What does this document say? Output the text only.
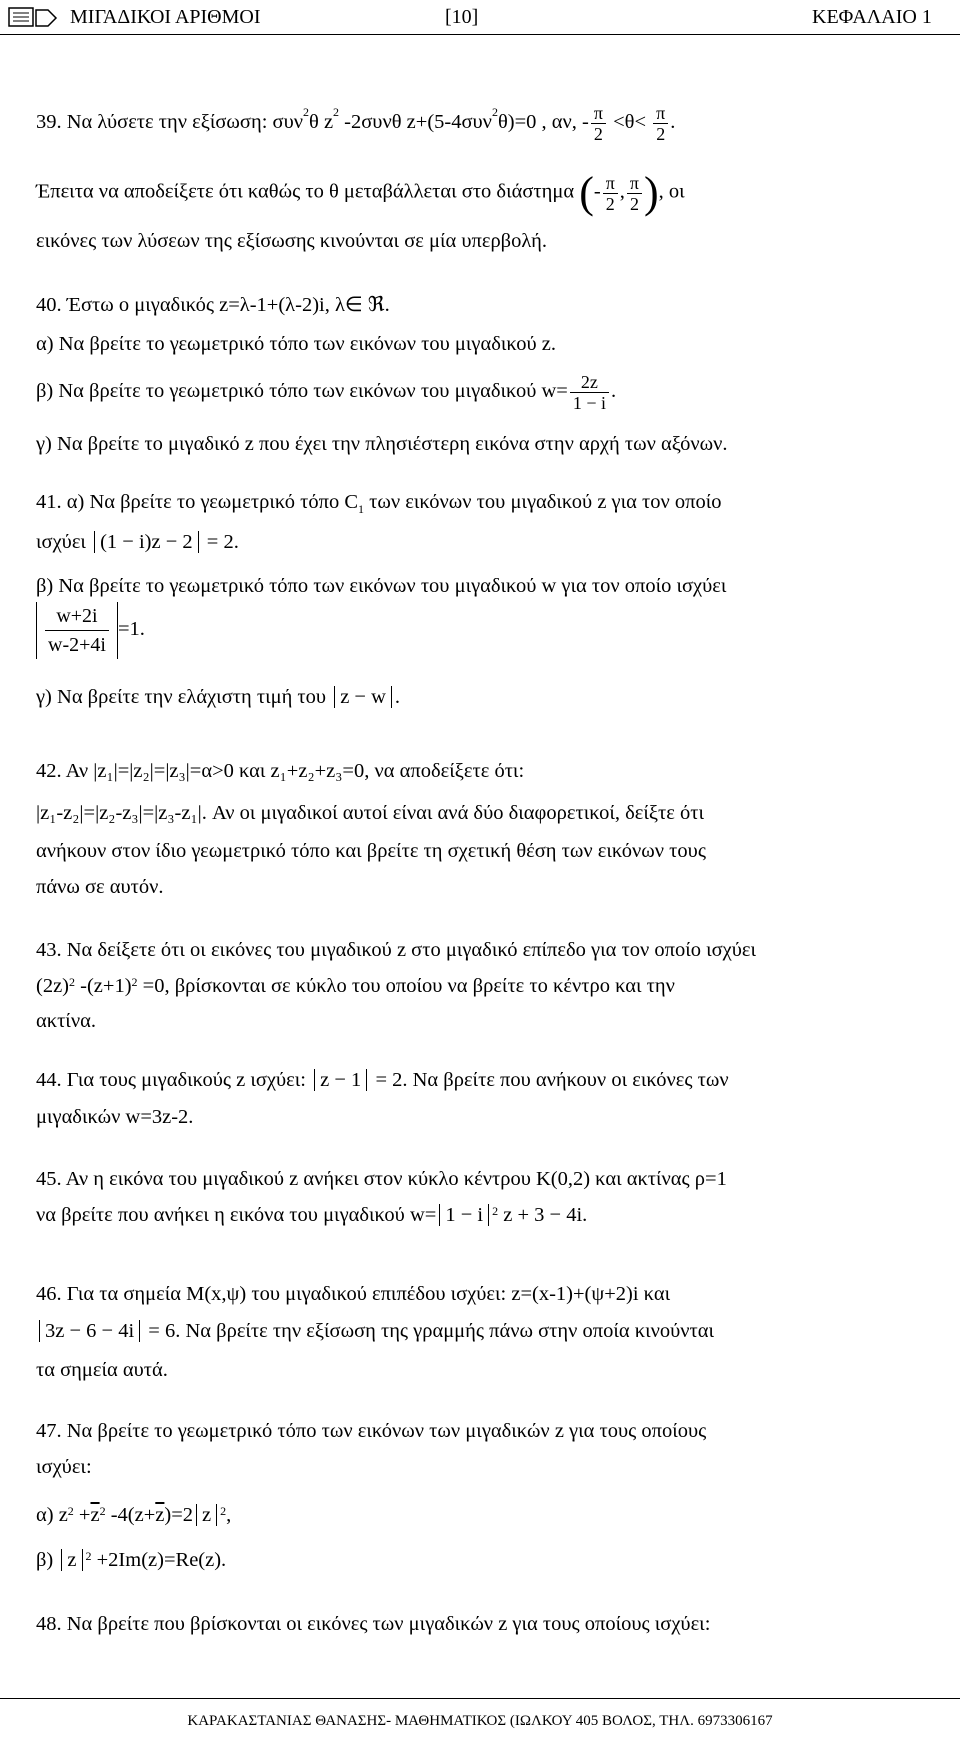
ΜΙΓΑΔΙΚΟΙ ΑΡΙΘΜΟΙ	[10]	ΚΕΦΑΛΑΙΟ 1
39. Να λύσετε την εξίσωση: συν$^2$θ $z^2$ -2συνθ z+(5-4συν$^2$θ)=0 , αν, - $\frac{\pi}{2} <\theta< \frac{\pi}{2}$ .
Έπειτα να αποδείξετε ότι καθώς το θ μεταβάλλεται στο διάστημα (- $\frac{\pi}{2}$ , $\frac{\pi}{2}$ ), οι
εικόνες των λύσεων της εξίσωσης κινούνται σε μία υπερβολή.
40. Έστω ο μιγαδικός z=λ-1+(λ-2)i, λ∈ ℜ.
α) Να βρείτε το γεωμετρικό τόπο των εικόνων του μιγαδικού z.
β) Να βρείτε το γεωμετρικό τόπο των εικόνων του μιγαδικού $w= \frac{2z}{1 - i}$ .
γ) Να βρείτε το μιγαδικό z που έχει την πλησιέστερη εικόνα στην αρχή των αξόνων.
41. α) Να βρείτε το γεωμετρικό τόπο $C_1$ των εικόνων του μιγαδικού z για τον οποίο
ισχύει (1 − i)z − 2 = 2.
β) Να βρείτε το γεωμετρικό τόπο των εικόνων του μιγαδικού w για τον οποίο ισχύει
$\frac{w+2i}{w-2+4i} =1$.
γ) Να βρείτε την ελάχιστη τιμή του z − w .
42. Αν |z₁|=|z₂|=|z₃|=α>0 και z₁+z₂+z₃=0, να αποδείξετε ότι:
|z₁-z₂|=|z₂-z₃|=|z₃-z₁|. Αν οι μιγαδικοί αυτοί είναι ανά δύο διαφορετικοί, δείξτε ότι
ανήκουν στον ίδιο γεωμετρικό τόπο και βρείτε τη σχετική θέση των εικόνων τους
πάνω σε αυτόν.
43. Να δείξετε ότι οι εικόνες του μιγαδικού z στο μιγαδικό επίπεδο για τον οποίο ισχύει
$(2z)^2$ $-(z+1)^2 =0$, βρίσκονται σε κύκλο του οποίου να βρείτε το κέντρο και την
ακτίνα.
44. Για τους μιγαδικούς z ισχύει: z − 1 = 2. Να βρείτε που ανήκουν οι εικόνες των
μιγαδικών w=3z-2.
45. Αν η εικόνα του μιγαδικού z ανήκει στον κύκλο κέντρου Κ(0,2) και ακτίνας ρ=1
να βρείτε που ανήκει η εικόνα του μιγαδικού w= 1 − i $^2$ z + 3 − 4i.
46. Για τα σημεία Μ(x,ψ) του μιγαδικού επιπέδου ισχύει: z=(x-1)+(ψ+2)i και
3z − 6 − 4i = 6. Να βρείτε την εξίσωση της γραμμής πάνω στην οποία κινούνται
τα σημεία αυτά.
47. Να βρείτε το γεωμετρικό τόπο των εικόνων των μιγαδικών z για τους οποίους
ισχύει:
α) $z^2 +\overline{z}^2$ $-4(z+\overline{z})=2$ z $^2$,
β) z $^2$ +2Im(z)=Re(z).
48. Να βρείτε που βρίσκονται οι εικόνες των μιγαδικών z για τους οποίους ισχύει:
ΚΑΡΑΚΑΣΤΑΝΙΑΣ ΘΑΝΑΣΗΣ- ΜΑΘΗΜΑΤΙΚΟΣ (ΙΩΛΚΟΥ 405 ΒΟΛΟΣ, ΤΗΛ. 6973306167
